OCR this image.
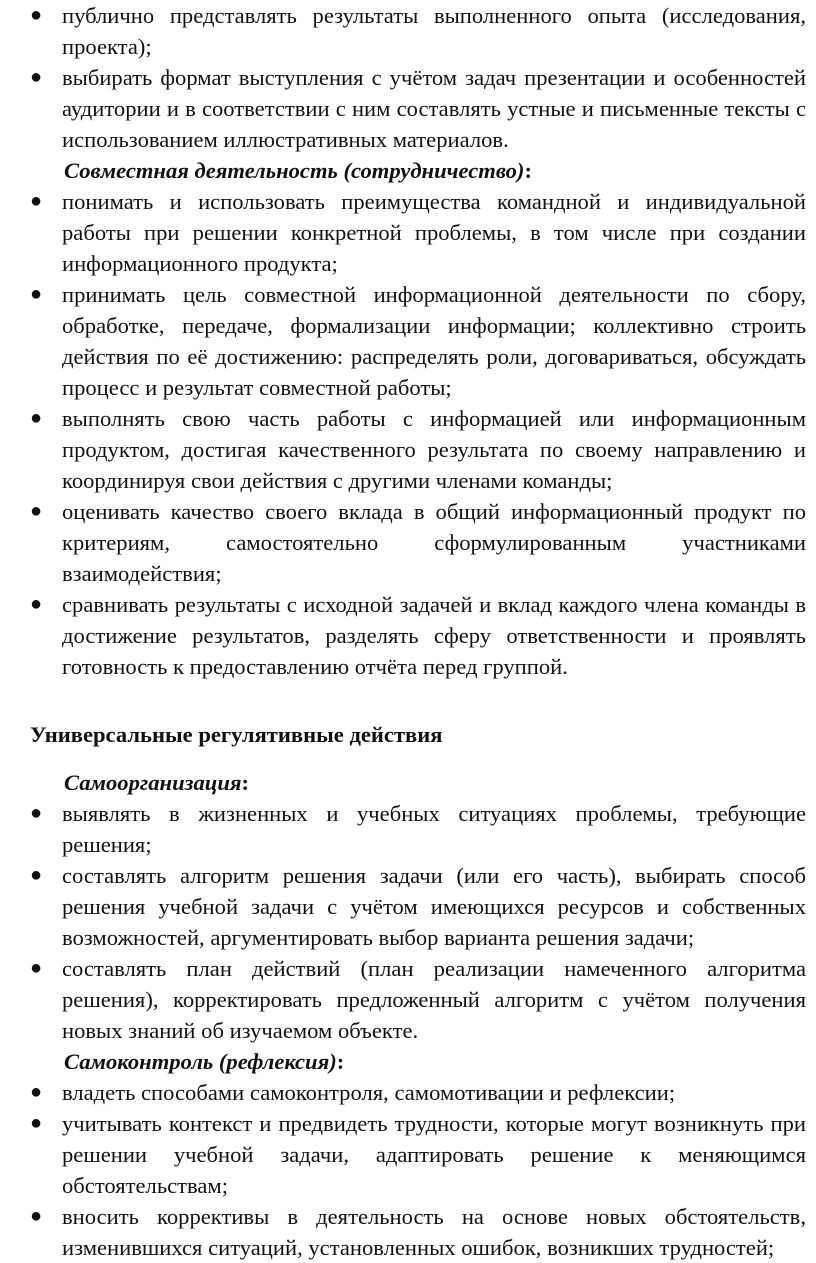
● публично представлять результаты выполненного опыта (исследования, проекта);
● выбирать формат выступления с учётом задач презентации и особенностей аудитории и в соответствии с ним составлять устные и письменные тексты с использованием иллюстративных материалов.
Совместная деятельность (сотрудничество):
● понимать и использовать преимущества командной и индивидуальной работы при решении конкретной проблемы, в том числе при создании информационного продукта;
● принимать цель совместной информационной деятельности по сбору, обработке, передаче, формализации информации; коллективно строить действия по её достижению: распределять роли, договариваться, обсуждать процесс и результат совместной работы;
● выполнять свою часть работы с информацией или информационным продуктом, достигая качественного результата по своему направлению и координируя свои действия с другими членами команды;
● оценивать качество своего вклада в общий информационный продукт по критериям, самостоятельно сформулированным участниками взаимодействия;
● сравнивать результаты с исходной задачей и вклад каждого члена команды в достижение результатов, разделять сферу ответственности и проявлять готовность к предоставлению отчёта перед группой.
Универсальные регулятивные действия
Самоорганизация:
● выявлять в жизненных и учебных ситуациях проблемы, требующие решения;
● составлять алгоритм решения задачи (или его часть), выбирать способ решения учебной задачи с учётом имеющихся ресурсов и собственных возможностей, аргументировать выбор варианта решения задачи;
● составлять план действий (план реализации намеченного алгоритма решения), корректировать предложенный алгоритм с учётом получения новых знаний об изучаемом объекте.
Самоконтроль (рефлексия):
● владеть способами самоконтроля, самомотивации и рефлексии;
● учитывать контекст и предвидеть трудности, которые могут возникнуть при решении учебной задачи, адаптировать решение к меняющимся обстоятельствам;
● вносить коррективы в деятельность на основе новых обстоятельств, изменившихся ситуаций, установленных ошибок, возникших трудностей;
